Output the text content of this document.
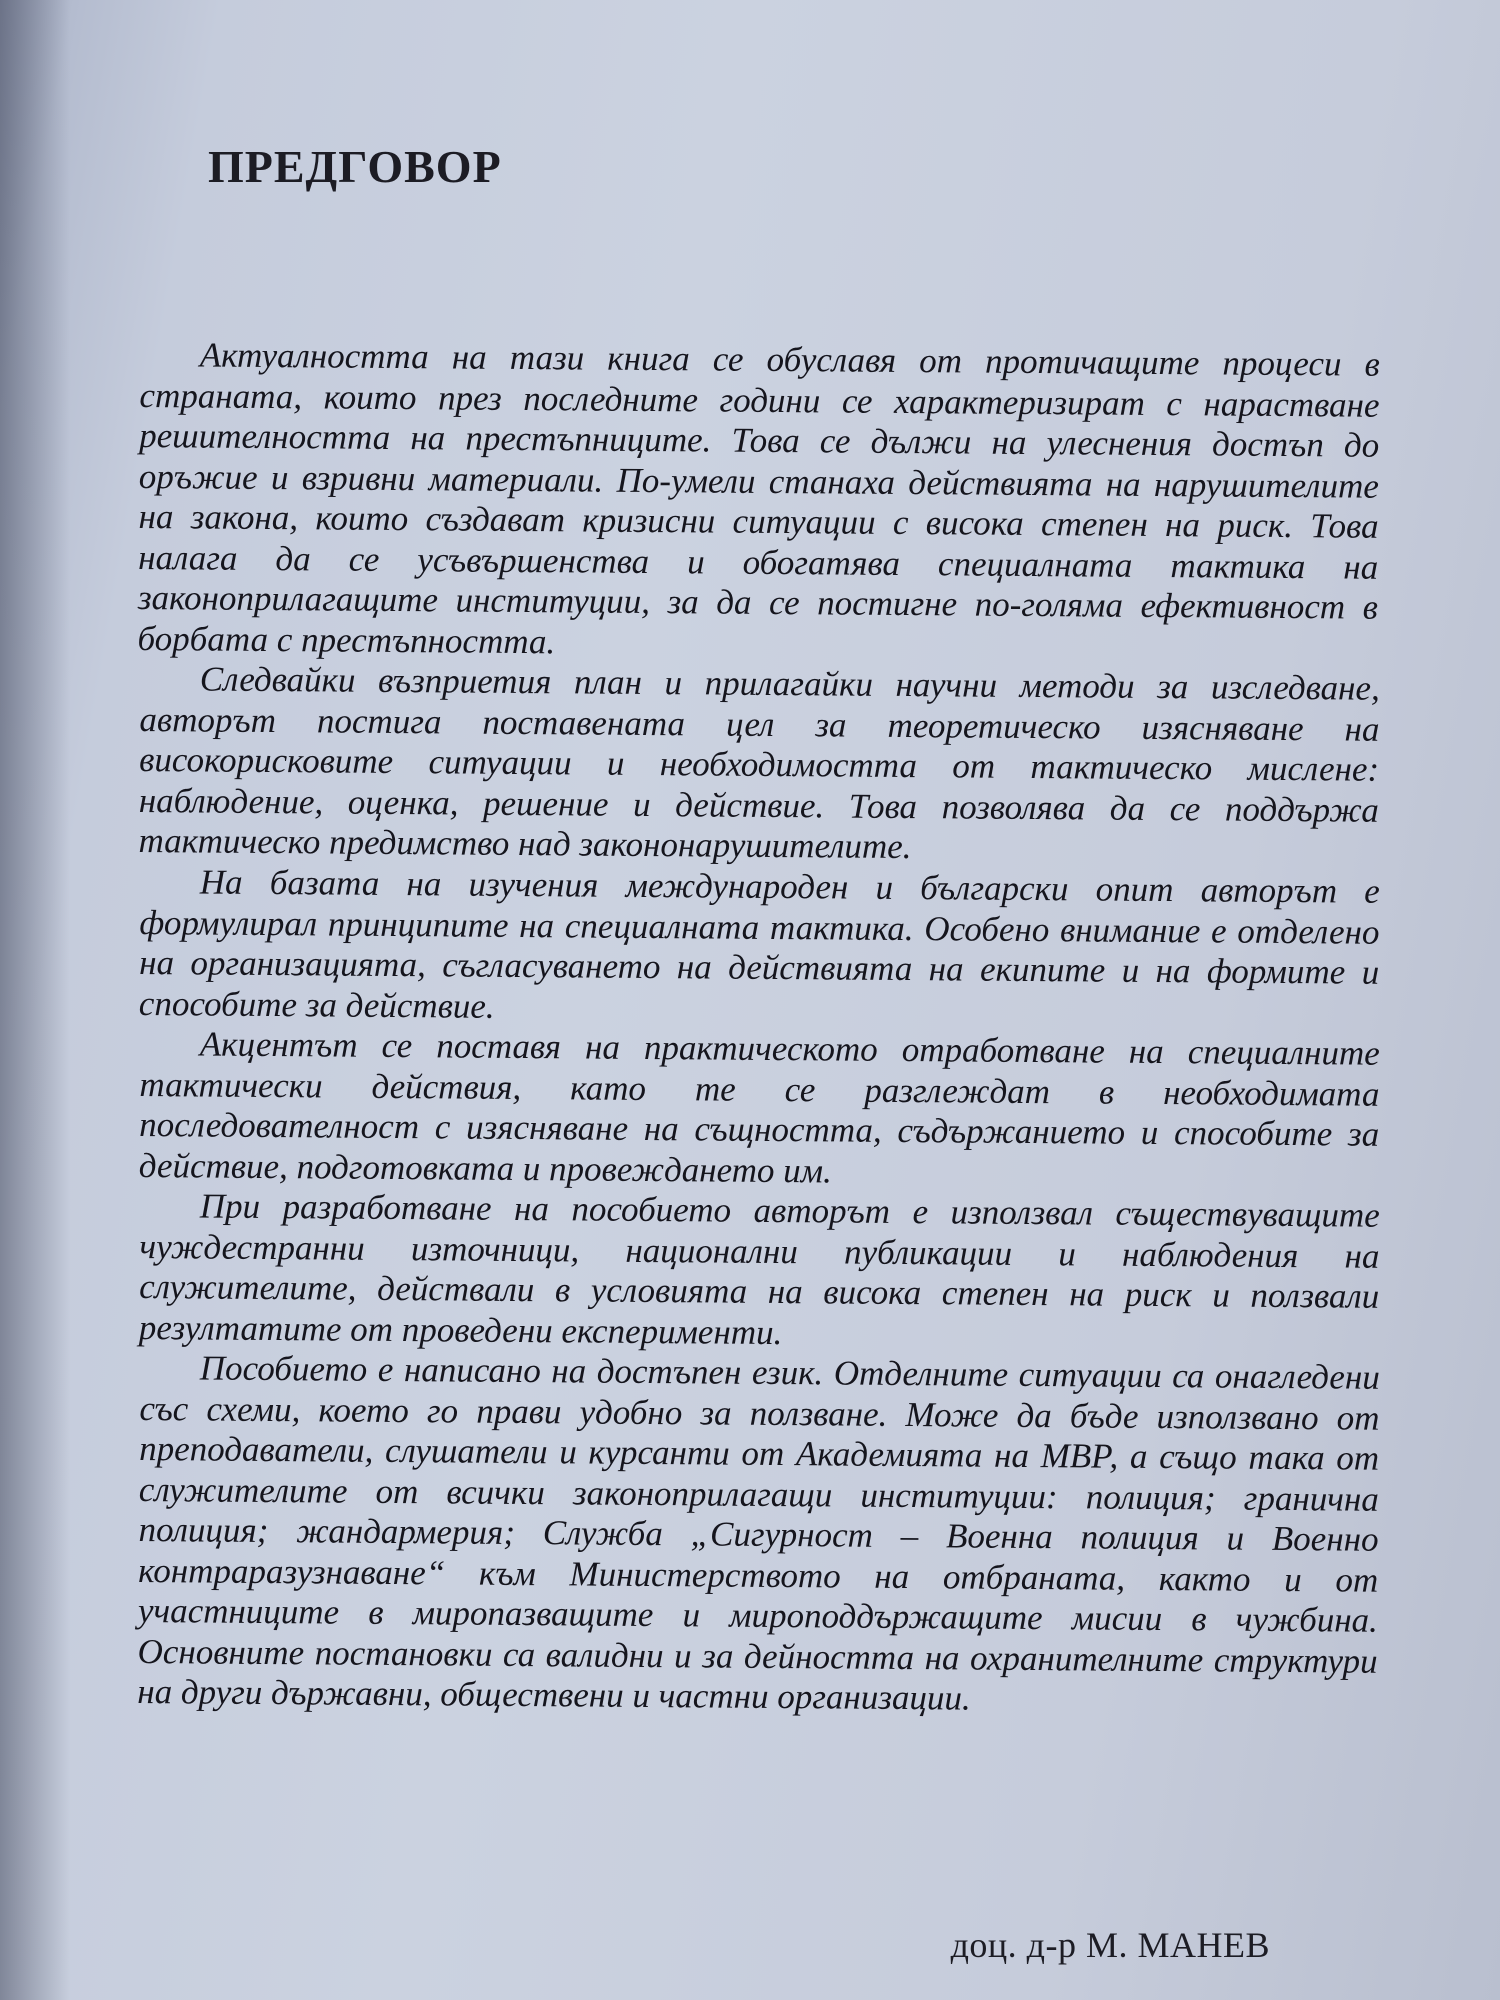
ПРЕДГОВОР

Актуалността на тази книга се обуславя от протичащите процеси в страната, които през последните години се характеризират с нарастване решителността на престъпниците. Това се дължи на улеснения достъп до оръжие и взривни материали. По-умели станаха действията на нарушителите на закона, които създават кризисни ситуации с висока степен на риск. Това налага да се усъвършенства и обогатява специалната тактика на законоприлагащите институции, за да се постигне по-голяма ефективност в борбата с престъпността.

Следвайки възприетия план и прилагайки научни методи за изследване, авторът постига поставената цел за теоретическо изясняване на високорисковите ситуации и необходимостта от тактическо мислене: наблюдение, оценка, решение и действие. Това позволява да се поддържа тактическо предимство над закононарушителите.

На базата на изучения международен и български опит авторът е формулирал принципите на специалната тактика. Особено внимание е отделено на организацията, съгласуването на действията на екипите и на формите и способите за действие.

Акцентът се поставя на практическото отработване на специалните тактически действия, като те се разглеждат в необходимата последователност с изясняване на същността, съдържанието и способите за действие, подготовката и провеждането им.

При разработване на пособието авторът е използвал съществуващите чуждестранни източници, национални публикации и наблюдения на служителите, действали в условията на висока степен на риск и ползвали резултатите от проведени експерименти.

Пособието е написано на достъпен език. Отделните ситуации са онагледени със схеми, което го прави удобно за ползване. Може да бъде използвано от преподаватели, слушатели и курсанти от Академията на МВР, а също така от служителите от всички законоприлагащи институции: полиция; гранична полиция; жандармерия; Служба „Сигурност – Военна полиция и Военно контраразузнаване“ към Министерството на отбраната, както и от участниците в миропазващите и мироподдържащите мисии в чужбина. Основните постановки са валидни и за дейността на охранителните структури на други държавни, обществени и частни организации.

доц. д-р М. МАНЕВ
